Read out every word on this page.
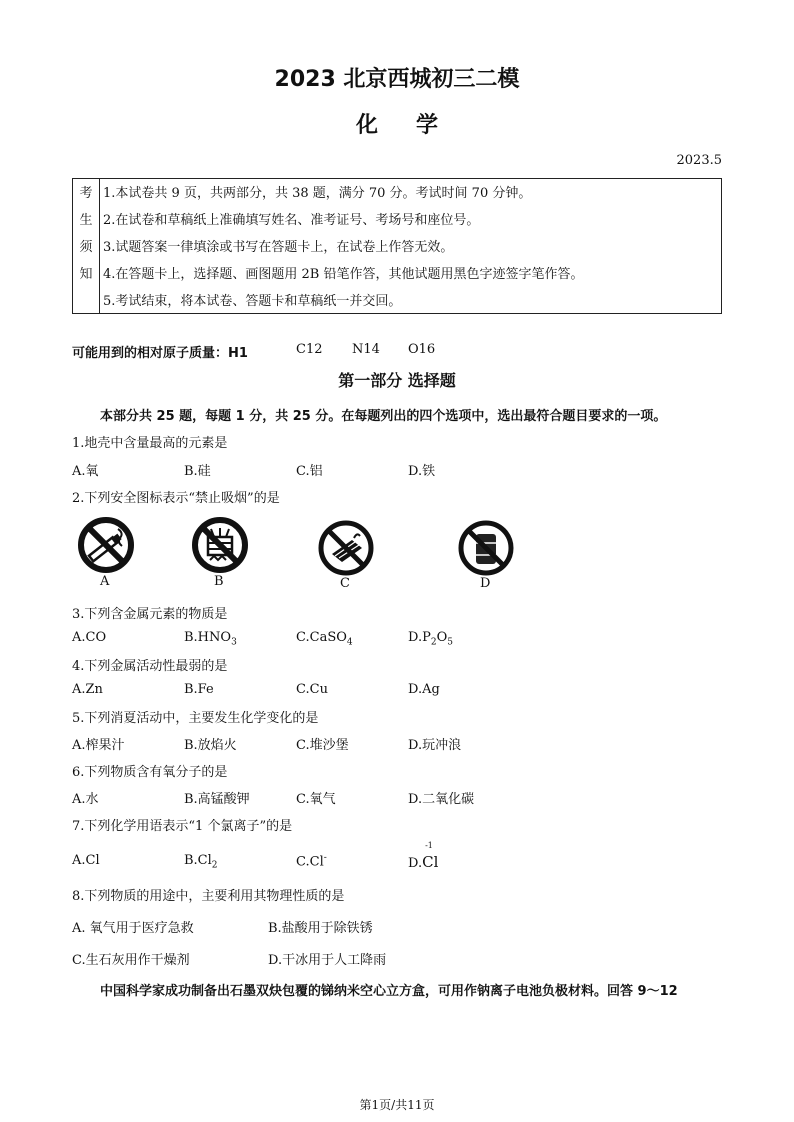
2023 北京西城初三二模
化学
2023.5
考
生
须
知
1.本试卷共 9 页，共两部分，共 38 题，满分 70 分。考试时间 70 分钟。
2.在试卷和草稿纸上准确填写姓名、准考证号、考场号和座位号。
3.试题答案一律填涂或书写在答题卡上，在试卷上作答无效。
4.在答题卡上，选择题、画图题用 2B 铅笔作答，其他试题用黑色字迹签字笔作答。
5.考试结束，将本试卷、答题卡和草稿纸一并交回。
可能用到的相对原子质量：H1	C12 N14 O16
第一部分 选择题
本部分共 25 题，每题 1 分，共 25 分。在每题列出的四个选项中，选出最符合题目要求的一项。
1.地壳中含量最高的元素是
A.氧	B.硅	C.铝	D.铁
2.下列安全图标表示“禁止吸烟”的是
A	B	C	D
3.下列含金属元素的物质是
A.CO	$B.HNO_3$	C.CaSO$_4$	$D.P_2O_5$
4.下列金属活动性最弱的是
A.Zn	B.Fe	C.Cu	D.Ag
5.下列消夏活动中，主要发生化学变化的是
A.榨果汁	B.放焰火	C.堆沙堡	D.玩冲浪
6.下列物质含有氧分子的是
A.水	B.高锰酸钾	C.氧气	D.二氧化碳
7.下列化学用语表示“1 个氯离子”的是
A.Cl	$B.Cl_2$	C.Cl-	D.
-1
Cl
8.下列物质的用途中，主要利用其物理性质的是
A. 氧气用于医疗急救	B.盐酸用于除铁锈
C.生石灰用作干燥剂	D.干冰用于人工降雨
中国科学家成功制备出石墨双炔包覆的锑纳米空心立方盒，可用作钠离子电池负极材料。回答 9～12
第1页/共11页
